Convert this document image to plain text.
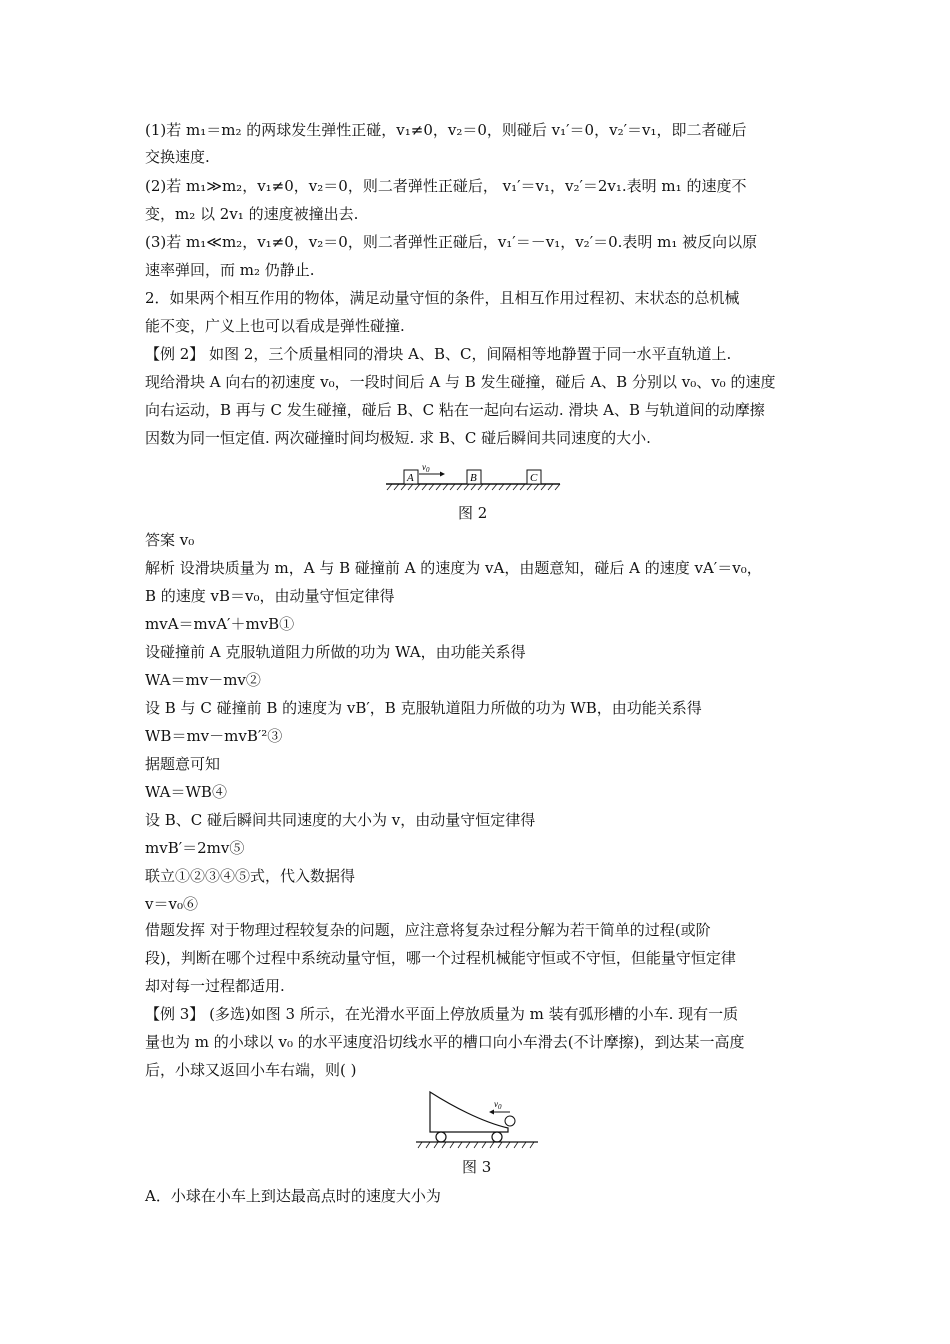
(1)若 m₁＝m₂ 的两球发生弹性正碰，v₁≠0，v₂＝0，则碰后 v₁′＝0，v₂′＝v₁，即二者碰后
交换速度.
(2)若 m₁≫m₂，v₁≠0，v₂＝0，则二者弹性正碰后， v₁′＝v₁，v₂′＝2v₁.表明 m₁ 的速度不
变，m₂ 以 2v₁ 的速度被撞出去.
(3)若 m₁≪m₂，v₁≠0，v₂＝0，则二者弹性正碰后，v₁′＝－v₁，v₂′＝0.表明 m₁ 被反向以原
速率弹回，而 m₂ 仍静止.
2．如果两个相互作用的物体，满足动量守恒的条件，且相互作用过程初、末状态的总机械
能不变，广义上也可以看成是弹性碰撞.
【例 2】 如图 2，三个质量相同的滑块 A、B、C，间隔相等地静置于同一水平直轨道上.
现给滑块 A 向右的初速度 v₀，一段时间后 A 与 B 发生碰撞，碰后 A、B 分别以 v₀、v₀ 的速度
向右运动，B 再与 C 发生碰撞，碰后 B、C 粘在一起向右运动. 滑块 A、B 与轨道间的动摩擦
因数为同一恒定值. 两次碰撞时间均极短. 求 B、C 碰后瞬间共同速度的大小.
A
$v_0$
B	C
图 2
答案 v₀
解析 设滑块质量为 m，A 与 B 碰撞前 A 的速度为 vA，由题意知，碰后 A 的速度 vA′＝v₀，
B 的速度 vB＝v₀，由动量守恒定律得
mvA＝mvA′＋mvB①
设碰撞前 A 克服轨道阻力所做的功为 WA，由功能关系得
WA＝mv－mv②
设 B 与 C 碰撞前 B 的速度为 vB′，B 克服轨道阻力所做的功为 WB，由功能关系得
WB＝mv－mvB′²③
据题意可知
WA＝WB④
设 B、C 碰后瞬间共同速度的大小为 v，由动量守恒定律得
mvB′＝2mv⑤
联立①②③④⑤式，代入数据得
v＝v₀⑥
借题发挥 对于物理过程较复杂的问题，应注意将复杂过程分解为若干简单的过程(或阶
段)，判断在哪个过程中系统动量守恒，哪一个过程机械能守恒或不守恒，但能量守恒定律
却对每一过程都适用.
【例 3】 (多选)如图 3 所示，在光滑水平面上停放质量为 m 装有弧形槽的小车. 现有一质
量也为 m 的小球以 v₀ 的水平速度沿切线水平的槽口向小车滑去(不计摩擦)，到达某一高度
后，小球又返回小车右端，则( )
$v_0$
图 3
A．小球在小车上到达最高点时的速度大小为
